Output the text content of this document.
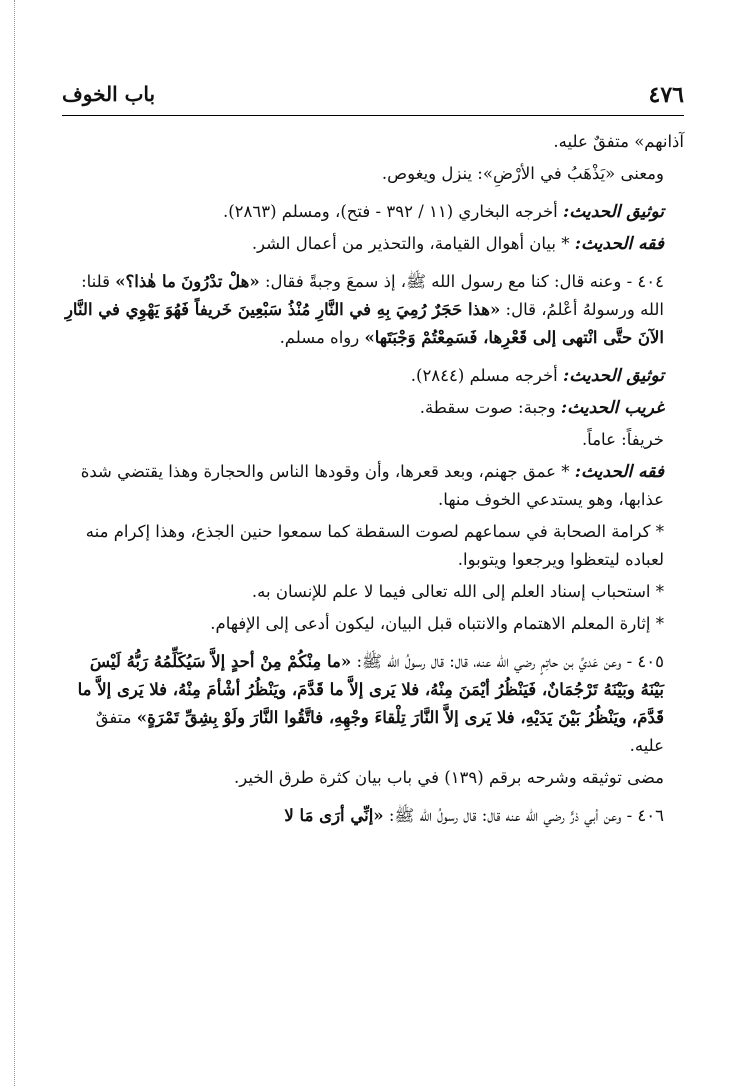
٤٧٦
باب الخوف

آذانهم» متفقٌ عليه.

ومعنى «يَذْهَبُ في الأرْضِ»: ينزل ويغوص.

توثيق الحديث: أخرجه البخاري (١١ / ٣٩٢ - فتح)، ومسلم (٢٨٦٣).

فقه الحديث: * بيان أهوال القيامة، والتحذير من أعمال الشر.

٤٠٤ - وعنه قال: كنا مع رسول الله ﷺ، إذ سمعَ وجبةً فقال: «هلْ تدْرُونَ ما هٰذا؟» قلنا: الله ورسولهُ أعْلمُ، قال: «هذا حَجَرٌ رُمِيَ بِهِ في النَّارِ مُنْذُ سَبْعِينَ خَريفاً فَهُوَ يَهْوِي في النَّارِ الآنَ حتَّى انْتهى إلى قَعْرِها، فَسَمِعْتُمْ وَجْبَتَها» رواه مسلم.

توثيق الحديث: أخرجه مسلم (٢٨٤٤).

غريب الحديث: وجبة: صوت سقطة.

خريفاً: عاماً.

فقه الحديث: * عمق جهنم، وبعد قعرها، وأن وقودها الناس والحجارة وهذا يقتضي شدة عذابها، وهو يستدعي الخوف منها.

* كرامة الصحابة في سماعهم لصوت السقطة كما سمعوا حنين الجذع، وهذا إكرام منه لعباده ليتعظوا ويرجعوا ويتوبوا.

* استحباب إسناد العلم إلى الله تعالى فيما لا علم للإنسان به.

* إثارة المعلم الاهتمام والانتباه قبل البيان، ليكون أدعى إلى الإفهام.

٤٠٥ - وعن عَديِّ بن حاتِمٍ رضي الله عنه، قال: قال رسولُ الله ﷺ: «ما مِنْكُمْ مِنْ أحدٍ إلاَّ سَيُكَلِّمُهُ رَبُّهُ لَيْسَ بَيْنَهُ وبَيْنَهُ تَرْجُمَانٌ، فَيَنْظُرُ أيْمَنَ مِنْهُ، فلا يَرى إلاَّ ما قَدَّمَ، ويَنْظُرُ أشْأمَ مِنْهُ، فلا يَرى إلاَّ ما قَدَّمَ، ويَنْظُرُ بَيْنَ يَدَيْهِ، فلا يَرى إلاَّ النَّارَ تِلْقاءَ وجْهِهِ، فاتَّقُوا النَّارَ ولَوْ بِشِقِّ تَمْرَةٍ» متفقٌ عليه.

مضى توثيقه وشرحه برقم (١٣٩) في باب بيان كثرة طرق الخير.

٤٠٦ - وعن أبي ذرٍّ رضي الله عنه قال: قال رسولُ الله ﷺ: «إنِّي أرَى مَا لا
